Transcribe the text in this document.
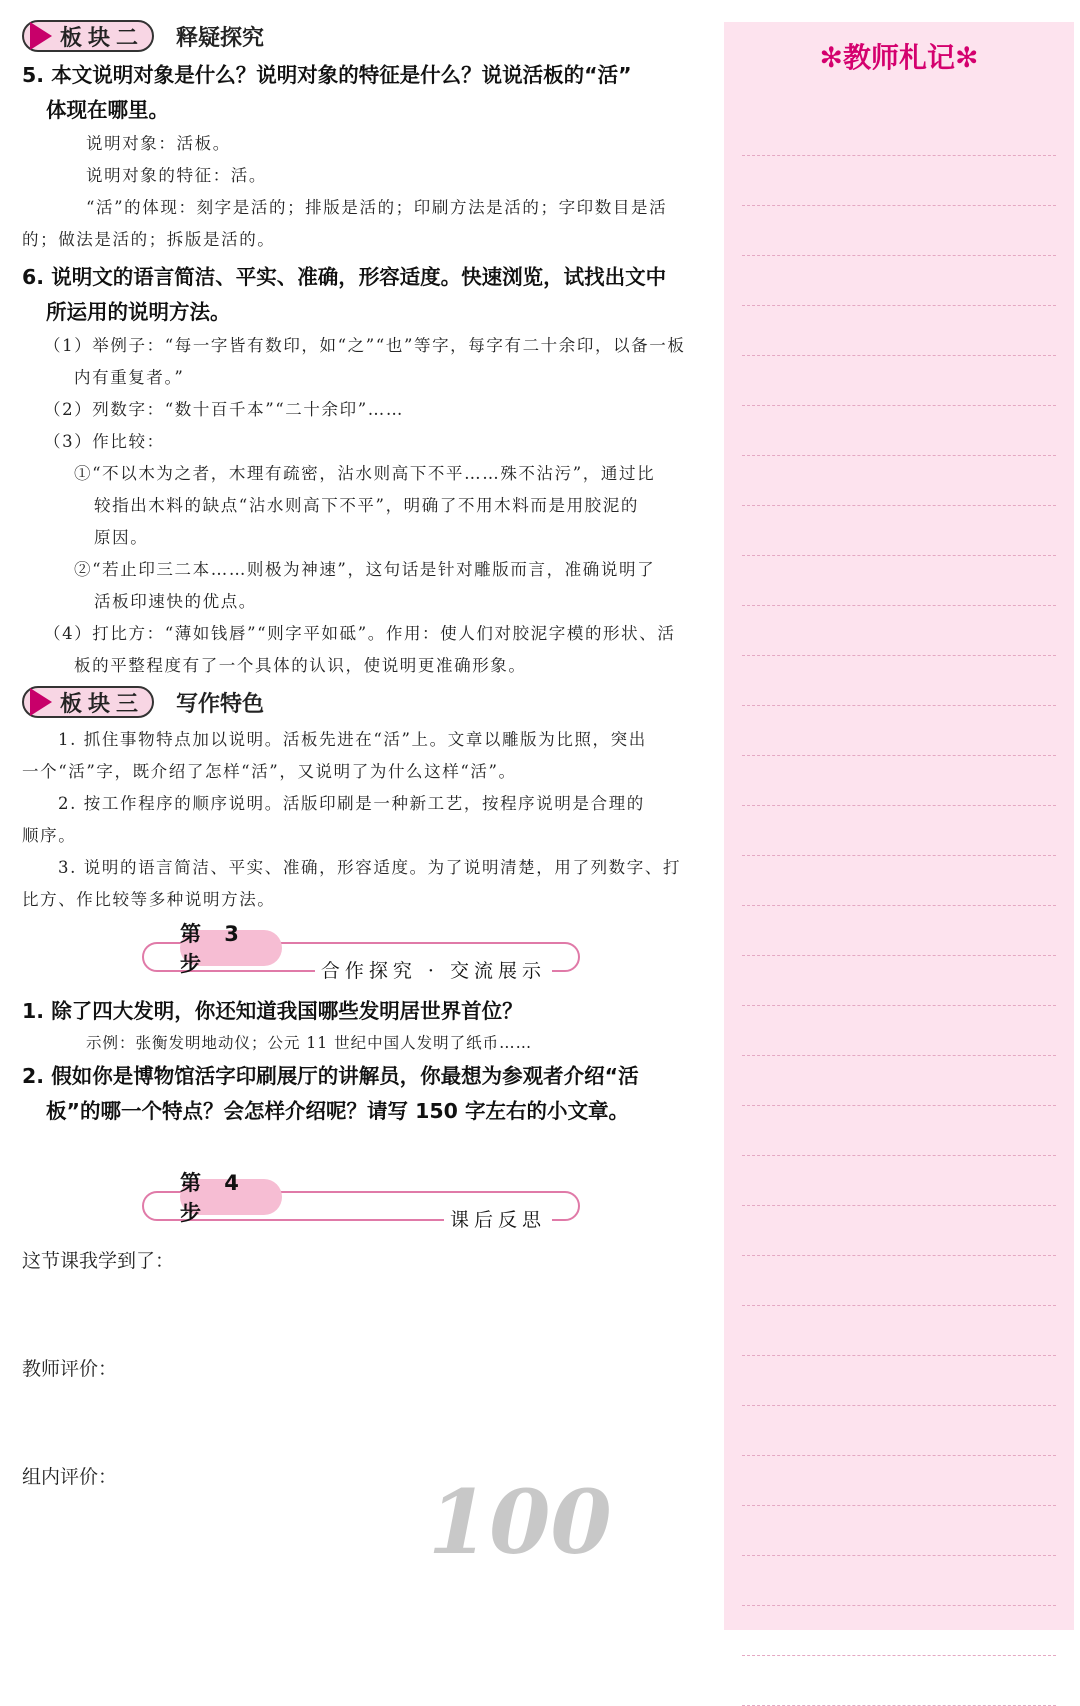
板块二 释疑探究
5. 本文说明对象是什么？说明对象的特征是什么？说说活板的“活”
体现在哪里。
说明对象：活板。
说明对象的特征：活。
“活”的体现：刻字是活的；排版是活的；印刷方法是活的；字印数目是活
的；做法是活的；拆版是活的。
6. 说明文的语言简洁、平实、准确，形容适度。快速浏览，试找出文中
所运用的说明方法。
（1）举例子：“每一字皆有数印，如“之”“也”等字，每字有二十余印，以备一板
内有重复者。”
（2）列数字：“数十百千本”“二十余印”……
（3）作比较：
①“不以木为之者，木理有疏密，沾水则高下不平……殊不沾污”，通过比
较指出木料的缺点“沾水则高下不平”，明确了不用木料而是用胶泥的
原因。
②“若止印三二本……则极为神速”，这句话是针对雕版而言，准确说明了
活板印速快的优点。
（4）打比方：“薄如钱唇”“则字平如砥”。作用：使人们对胶泥字模的形状、活
板的平整程度有了一个具体的认识，使说明更准确形象。
板块三 写作特色
1. 抓住事物特点加以说明。活板先进在“活”上。文章以雕版为比照，突出
一个“活”字，既介绍了怎样“活”，又说明了为什么这样“活”。
2. 按工作程序的顺序说明。活版印刷是一种新工艺，按程序说明是合理的
顺序。
3. 说明的语言简洁、平实、准确，形容适度。为了说明清楚，用了列数字、打
比方、作比较等多种说明方法。
第 3 步	合作探究 · 交流展示
1. 除了四大发明，你还知道我国哪些发明居世界首位？
示例：张衡发明地动仪；公元 11 世纪中国人发明了纸币……
2. 假如你是博物馆活字印刷展厅的讲解员，你最想为参观者介绍“活
板”的哪一个特点？会怎样介绍呢？请写 150 字左右的小文章。
第 4 步	课后反思
这节课我学到了：
教师评价：
组内评价：	100
✻教师札记✻
